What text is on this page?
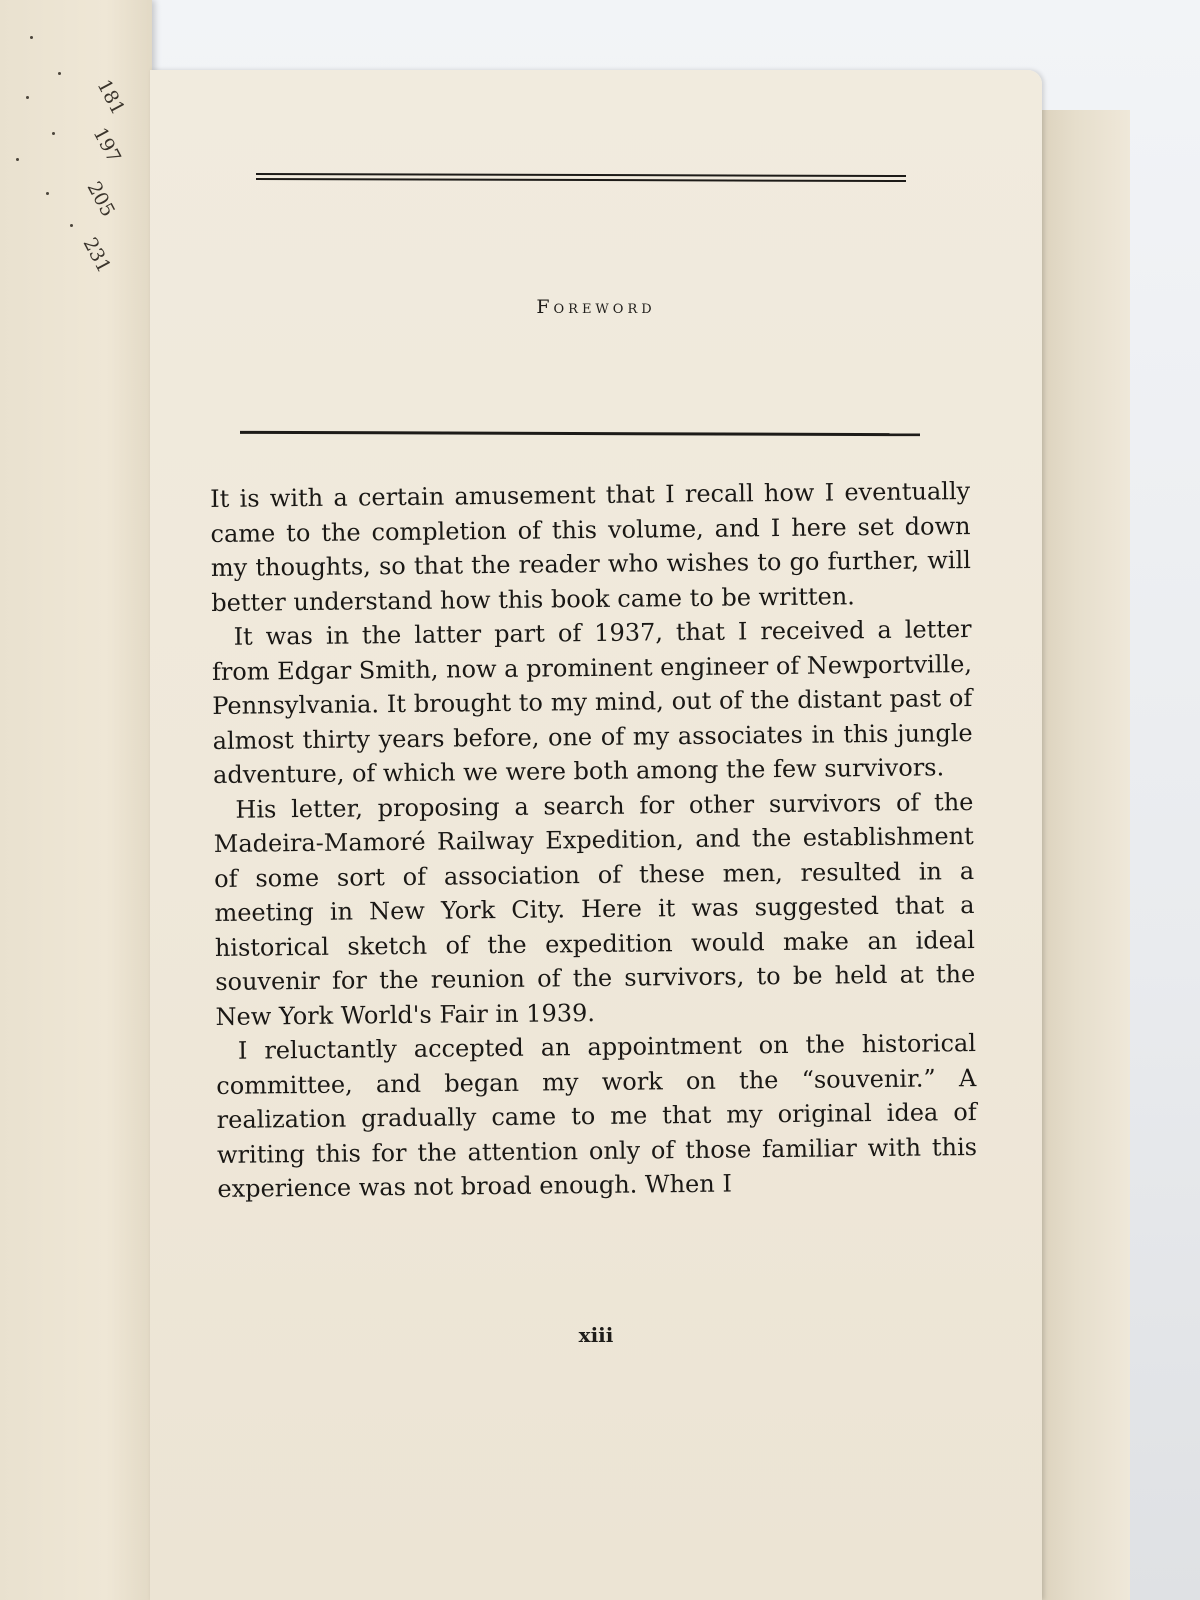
181
197
205
231
Foreword

It is with a certain amusement that I recall how I eventually came to the completion of this volume, and I here set down my thoughts, so that the reader who wishes to go further, will better understand how this book came to be written.

It was in the latter part of 1937, that I received a letter from Edgar Smith, now a prominent engineer of Newportville, Pennsylvania. It brought to my mind, out of the distant past of almost thirty years before, one of my associates in this jungle adventure, of which we were both among the few survivors.

His letter, proposing a search for other survivors of the Madeira-Mamoré Railway Expedition, and the establishment of some sort of association of these men, resulted in a meeting in New York City. Here it was suggested that a historical sketch of the expedition would make an ideal souvenir for the reunion of the survivors, to be held at the New York World's Fair in 1939.

I reluctantly accepted an appointment on the historical committee, and began my work on the “souvenir.” A realization gradually came to me that my original idea of writing this for the attention only of those familiar with this experience was not broad enough. When I

xiii
